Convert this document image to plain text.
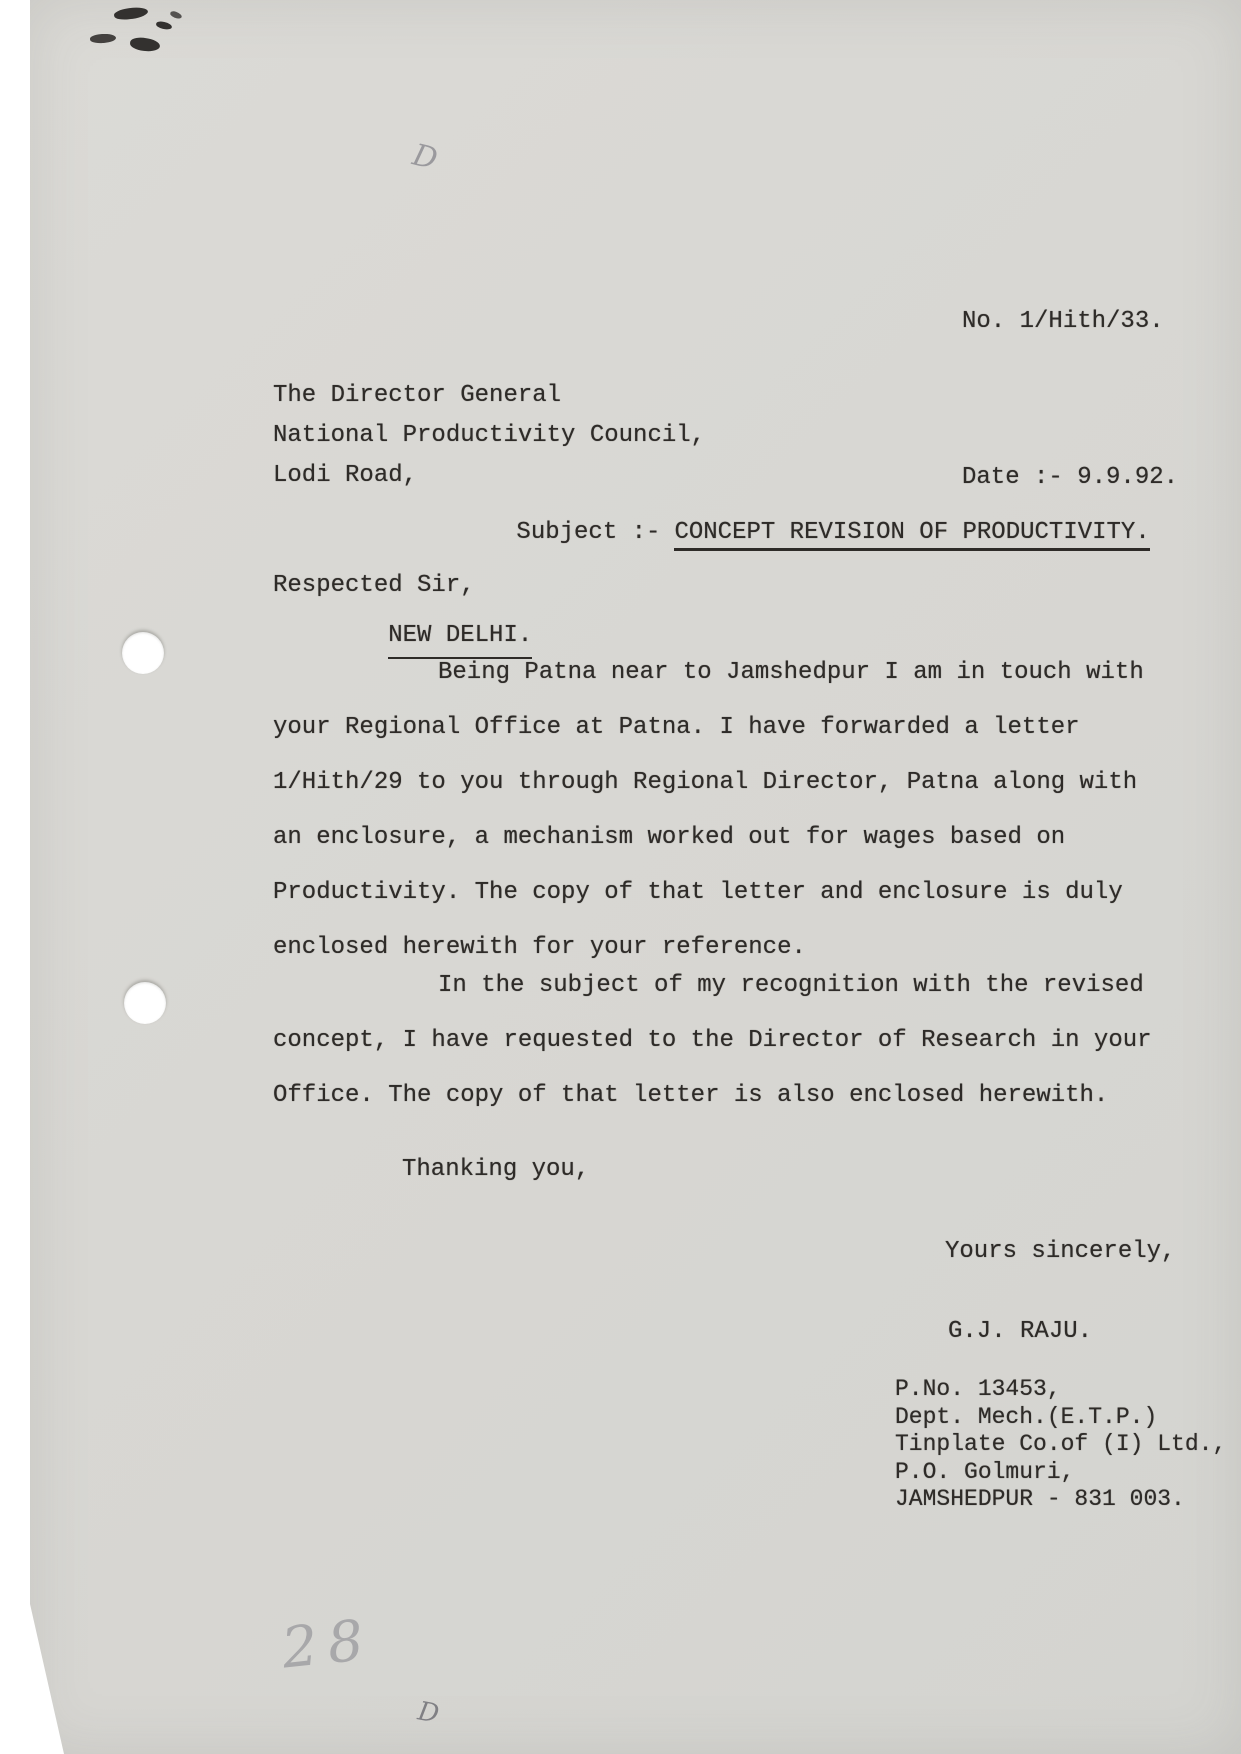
D

No. 1/Hith/33.

Date :- 9.9.92.

The Director General
National Productivity Council,
Lodi Road,

NEW DELHI.

Subject :- CONCEPT REVISION OF PRODUCTIVITY.

Respected Sir,
Being Patna near to Jamshedpur I am in touch with
your Regional Office at Patna. I have forwarded a letter
1/Hith/29 to you through Regional Director, Patna along with
an enclosure, a mechanism worked out for wages based on
Productivity. The copy of that letter and enclosure is duly
enclosed herewith for your reference.
In the subject of my recognition with the revised
concept, I have requested to the Director of Research in your
Office. The copy of that letter is also enclosed herewith.
Thanking you,
Yours sincerely,
G.J. RAJU.
P.No. 13453,
Dept. Mech.(E.T.P.)
Tinplate Co.of (I) Ltd.,
P.O. Golmuri,
JAMSHEDPUR - 831 003.
28
D
